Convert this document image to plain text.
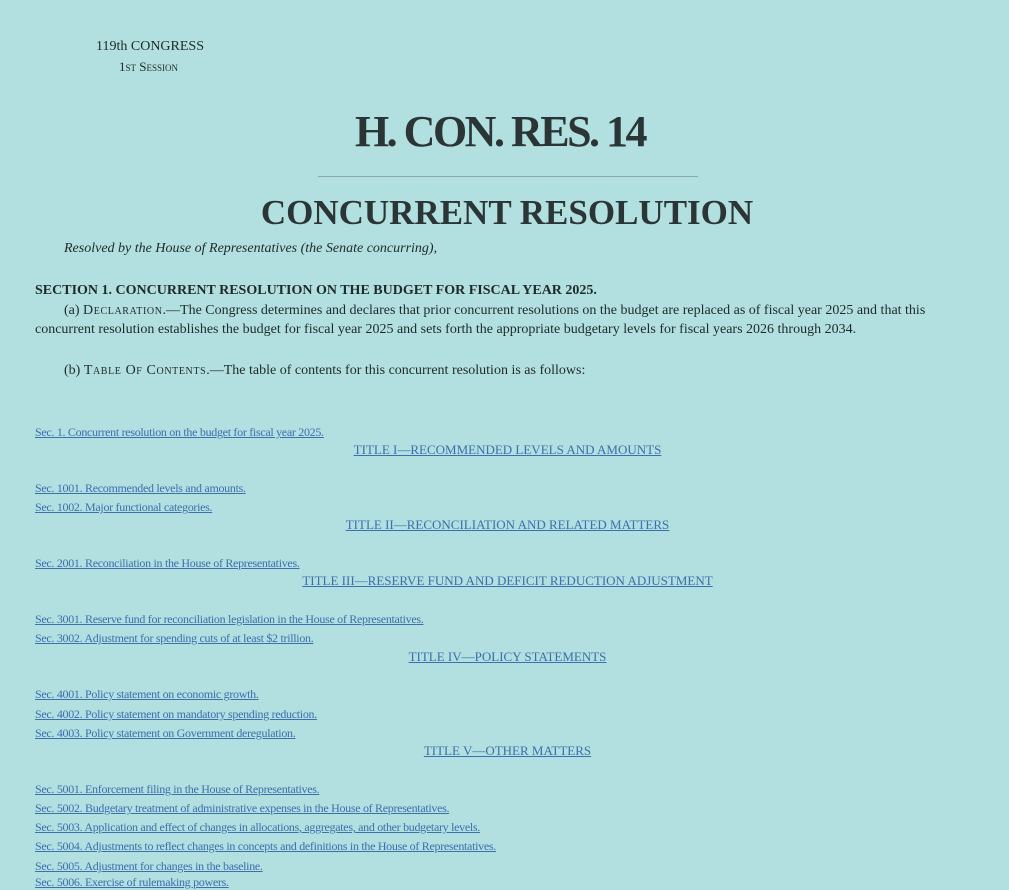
119th CONGRESS
1st Session
H. CON. RES. 14
CONCURRENT RESOLUTION
Resolved by the House of Representatives (the Senate concurring),
SECTION 1. CONCURRENT RESOLUTION ON THE BUDGET FOR FISCAL YEAR 2025.
(a) Declaration.—The Congress determines and declares that prior concurrent resolutions on the budget are replaced as of fiscal year 2025 and that this concurrent resolution establishes the budget for fiscal year 2025 and sets forth the appropriate budgetary levels for fiscal years 2026 through 2034.
(b) Table Of Contents.—The table of contents for this concurrent resolution is as follows:
Sec. 1. Concurrent resolution on the budget for fiscal year 2025.
TITLE I—RECOMMENDED LEVELS AND AMOUNTS
Sec. 1001. Recommended levels and amounts.
Sec. 1002. Major functional categories.
TITLE II—RECONCILIATION AND RELATED MATTERS
Sec. 2001. Reconciliation in the House of Representatives.
TITLE III—RESERVE FUND AND DEFICIT REDUCTION ADJUSTMENT
Sec. 3001. Reserve fund for reconciliation legislation in the House of Representatives.
Sec. 3002. Adjustment for spending cuts of at least $2 trillion.
TITLE IV—POLICY STATEMENTS
Sec. 4001. Policy statement on economic growth.
Sec. 4002. Policy statement on mandatory spending reduction.
Sec. 4003. Policy statement on Government deregulation.
TITLE V—OTHER MATTERS
Sec. 5001. Enforcement filing in the House of Representatives.
Sec. 5002. Budgetary treatment of administrative expenses in the House of Representatives.
Sec. 5003. Application and effect of changes in allocations, aggregates, and other budgetary levels.
Sec. 5004. Adjustments to reflect changes in concepts and definitions in the House of Representatives.
Sec. 5005. Adjustment for changes in the baseline.
Sec. 5006. Exercise of rulemaking powers.
